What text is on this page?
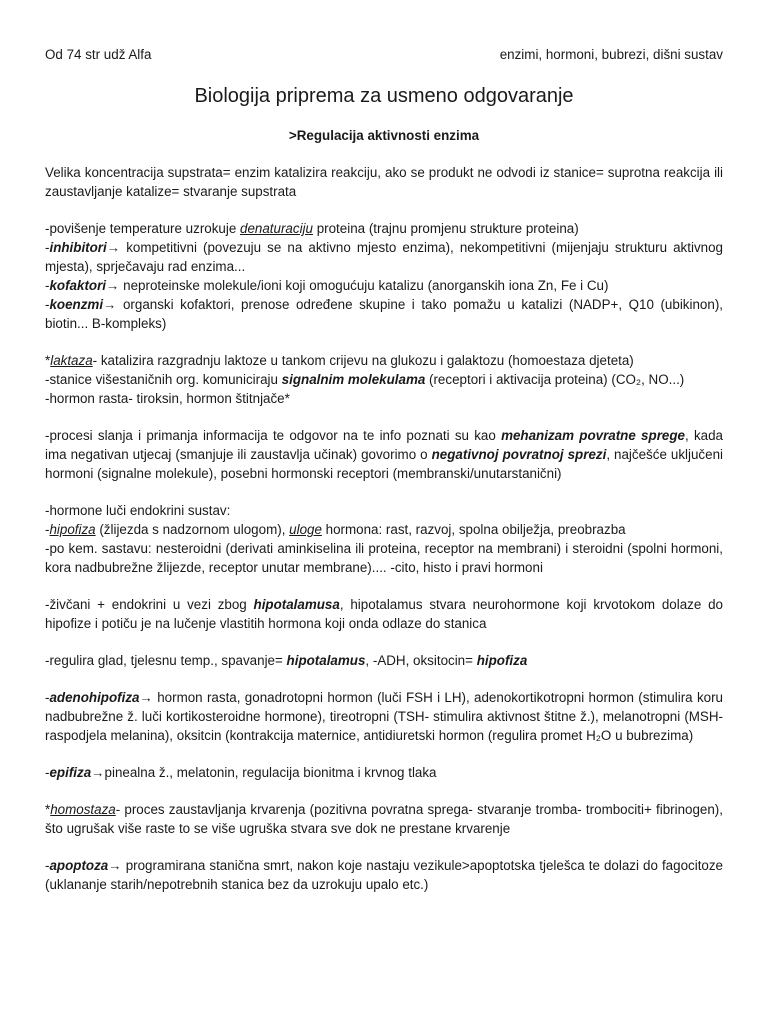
Od 74 str udž Alfa	enzimi, hormoni, bubrezi, dišni sustav
Biologija priprema za usmeno odgovaranje
>Regulacija aktivnosti enzima

Velika koncentracija supstrata= enzim katalizira reakciju, ako se produkt ne odvodi iz stanice= suprotna reakcija ili zaustavljanje katalize= stvaranje supstrata

-povišenje temperature uzrokuje denaturaciju proteina (trajnu promjenu strukture proteina)
-inhibitori→ kompetitivni (povezuju se na aktivno mjesto enzima), nekompetitivni (mijenjaju strukturu aktivnog mjesta), sprječavaju rad enzima...
-kofaktori→ neproteinske molekule/ioni koji omogućuju katalizu (anorganskih iona Zn, Fe i Cu)
-koenzmi→ organski kofaktori, prenose određene skupine i tako pomažu u katalizi (NADP+, Q10 (ubikinon), biotin... B-kompleks)
*laktaza- katalizira razgradnju laktoze u tankom crijevu na glukozu i galaktozu (homoestaza djeteta)
-stanice višestaničnih org. komuniciraju signalnim molekulama (receptori i aktivacija proteina) (CO₂, NO...)
-hormon rasta- tiroksin, hormon štitnjače*

-procesi slanja i primanja informacija te odgovor na te info poznati su kao mehanizam povratne sprege, kada ima negativan utjecaj (smanjuje ili zaustavlja učinak) govorimo o negativnoj povratnoj sprezi, najčešće uključeni hormoni (signalne molekule), posebni hormonski receptori (membranski/unutarstanični)

-hormone luči endokrini sustav:
-hipofiza (žlijezda s nadzornom ulogom), uloge hormona: rast, razvoj, spolna obilježja, preobrazba
-po kem. sastavu: nesteroidni (derivati aminkiselina ili proteina, receptor na membrani) i steroidni (spolni hormoni, kora nadbubrežne žlijezde, receptor unutar membrane).... -cito, histo i pravi hormoni

-živčani + endokrini u vezi zbog hipotalamusa, hipotalamus stvara neurohormone koji krvotokom dolaze do hipofize i potiču je na lučenje vlastitih hormona koji onda odlaze do stanica

-regulira glad, tjelesnu temp., spavanje= hipotalamus, -ADH, oksitocin= hipofiza

-adenohipofiza→ hormon rasta, gonadrotopni hormon (luči FSH i LH), adenokortikotropni hormon (stimulira koru nadbubrežne ž. luči kortikosteroidne hormone), tireotropni (TSH- stimulira aktivnost štitne ž.), melanotropni (MSH- raspodjela melanina), oksitcin (kontrakcija maternice, antidiuretski hormon (regulira promet H₂O u bubrezima)

-epifiza→pinealna ž., melatonin, regulacija bionitma i krvnog tlaka

*homostaza- proces zaustavljanja krvarenja (pozitivna povratna sprega- stvaranje tromba- trombociti+ fibrinogen), što ugrušak više raste to se više ugruška stvara sve dok ne prestane krvarenje

-apoptoza→ programirana stanična smrt, nakon koje nastaju vezikule>apoptotska tjelešca te dolazi do fagocitoze (uklananje starih/nepotrebnih stanica bez da uzrokuju upalo etc.)
